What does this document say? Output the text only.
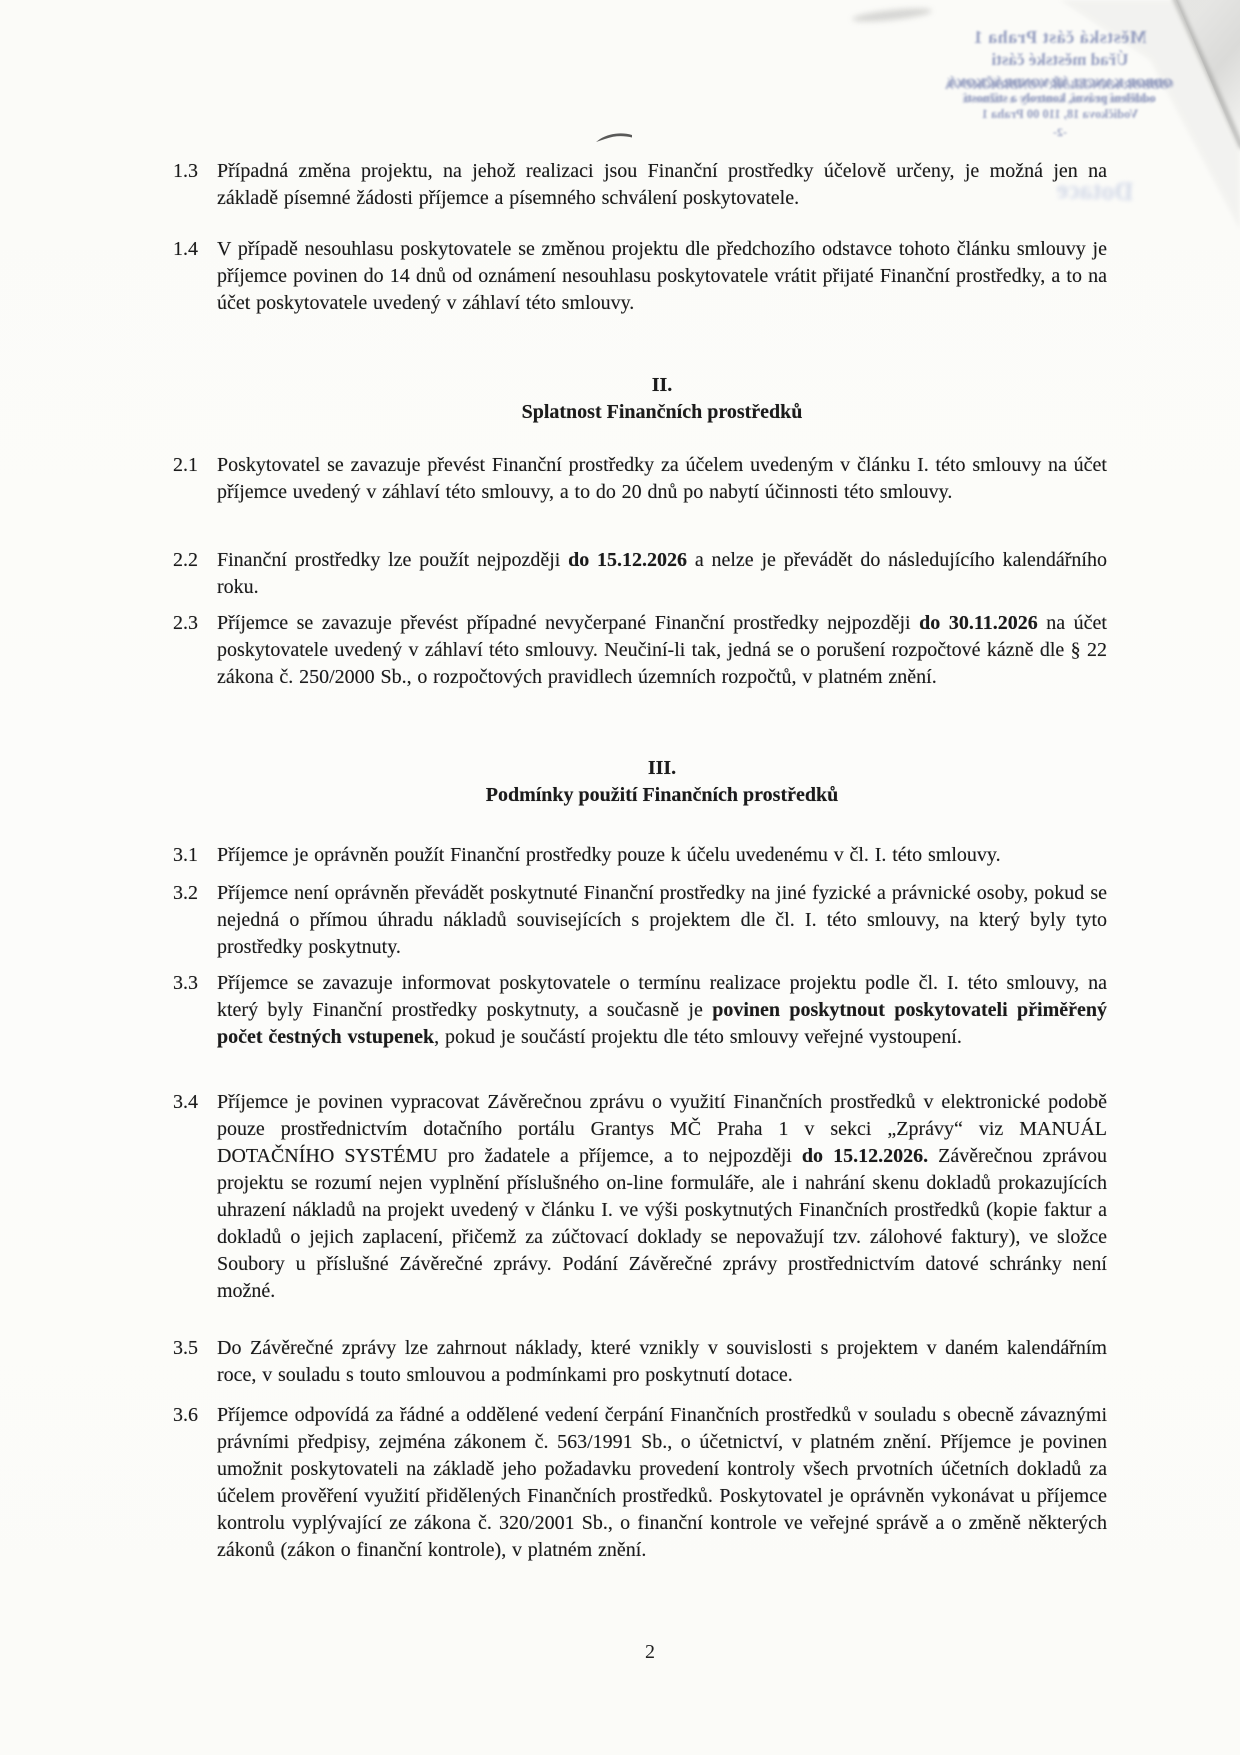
Městská část Praha 1
Úřad městské části
ODBOR KANCELÁŘ VONDRÁČKOVÁ
oddělení právní, kontroly a stížností
Vodičkova 18, 110 00 Praha 1
-2-
Dotace
1.3 Případná změna projektu, na jehož realizaci jsou Finanční prostředky účelově určeny, je možná jen na základě písemné žádosti příjemce a písemného schválení poskytovatele.
1.4 V případě nesouhlasu poskytovatele se změnou projektu dle předchozího odstavce tohoto článku smlouvy je příjemce povinen do 14 dnů od oznámení nesouhlasu poskytovatele vrátit přijaté Finanční prostředky, a to na účet poskytovatele uvedený v záhlaví této smlouvy.
II.
Splatnost Finančních prostředků
2.1 Poskytovatel se zavazuje převést Finanční prostředky za účelem uvedeným v článku I. této smlouvy na účet příjemce uvedený v záhlaví této smlouvy, a to do 20 dnů po nabytí účinnosti této smlouvy.
2.2 Finanční prostředky lze použít nejpozději do 15.12.2026 a nelze je převádět do následujícího kalendářního roku.
2.3 Příjemce se zavazuje převést případné nevyčerpané Finanční prostředky nejpozději do 30.11.2026 na účet poskytovatele uvedený v záhlaví této smlouvy. Neučiní-li tak, jedná se o porušení rozpočtové kázně dle § 22 zákona č. 250/2000 Sb., o rozpočtových pravidlech územních rozpočtů, v platném znění.
III.
Podmínky použití Finančních prostředků
3.1 Příjemce je oprávněn použít Finanční prostředky pouze k účelu uvedenému v čl. I. této smlouvy.
3.2 Příjemce není oprávněn převádět poskytnuté Finanční prostředky na jiné fyzické a právnické osoby, pokud se nejedná o přímou úhradu nákladů souvisejících s projektem dle čl. I. této smlouvy, na který byly tyto prostředky poskytnuty.
3.3 Příjemce se zavazuje informovat poskytovatele o termínu realizace projektu podle čl. I. této smlouvy, na který byly Finanční prostředky poskytnuty, a současně je povinen poskytnout poskytovateli přiměřený počet čestných vstupenek, pokud je součástí projektu dle této smlouvy veřejné vystoupení.
3.4 Příjemce je povinen vypracovat Závěrečnou zprávu o využití Finančních prostředků v elektronické podobě pouze prostřednictvím dotačního portálu Grantys MČ Praha 1 v sekci „Zprávy“ viz MANUÁL DOTAČNÍHO SYSTÉMU pro žadatele a příjemce, a to nejpozději do 15.12.2026. Závěrečnou zprávou projektu se rozumí nejen vyplnění příslušného on-line formuláře, ale i nahrání skenu dokladů prokazujících uhrazení nákladů na projekt uvedený v článku I. ve výši poskytnutých Finančních prostředků (kopie faktur a dokladů o jejich zaplacení, přičemž za zúčtovací doklady se nepovažují tzv. zálohové faktury), ve složce Soubory u příslušné Závěrečné zprávy. Podání Závěrečné zprávy prostřednictvím datové schránky není možné.
3.5 Do Závěrečné zprávy lze zahrnout náklady, které vznikly v souvislosti s projektem v daném kalendářním roce, v souladu s touto smlouvou a podmínkami pro poskytnutí dotace.
3.6 Příjemce odpovídá za řádné a oddělené vedení čerpání Finančních prostředků v souladu s obecně závaznými právními předpisy, zejména zákonem č. 563/1991 Sb., o účetnictví, v platném znění. Příjemce je povinen umožnit poskytovateli na základě jeho požadavku provedení kontroly všech prvotních účetních dokladů za účelem prověření využití přidělených Finančních prostředků. Poskytovatel je oprávněn vykonávat u příjemce kontrolu vyplývající ze zákona č. 320/2001 Sb., o finanční kontrole ve veřejné správě a o změně některých zákonů (zákon o finanční kontrole), v platném znění.
2
